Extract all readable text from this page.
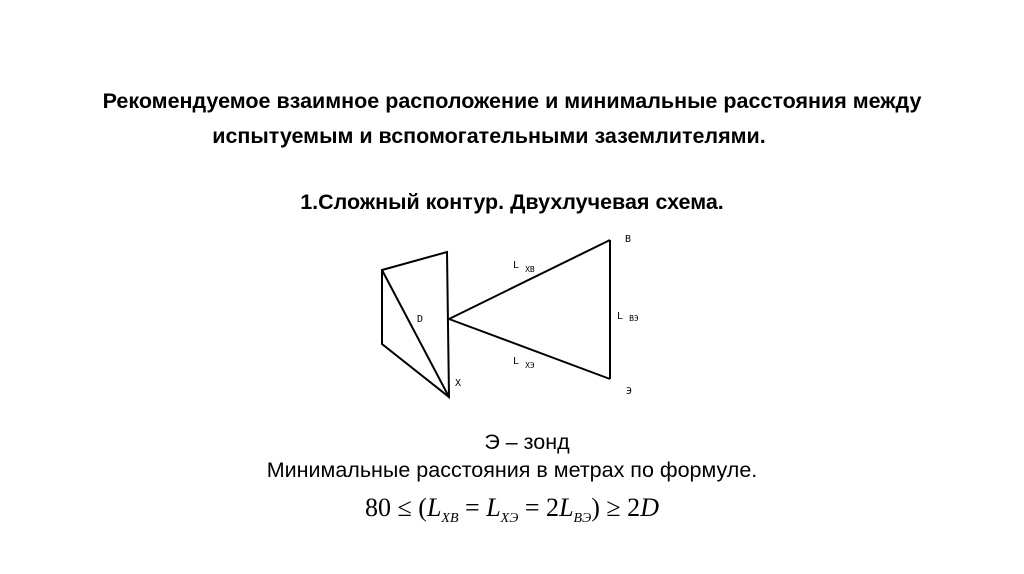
Рекомендуемое взаимное расположение и минимальные расстояния между
испытуемым и вспомогательными заземлителями.
1.Сложный контур. Двухлучевая схема.
D
X
B
Э
L $_{XB}$
L $_{XЭ}$
L $_{BЭ}$
Э – зонд
Минимальные расстояния в метрах по формуле.
$80 \le (L_{XB} = L_{XЭ} = 2L_{BЭ}) \ge 2D$
